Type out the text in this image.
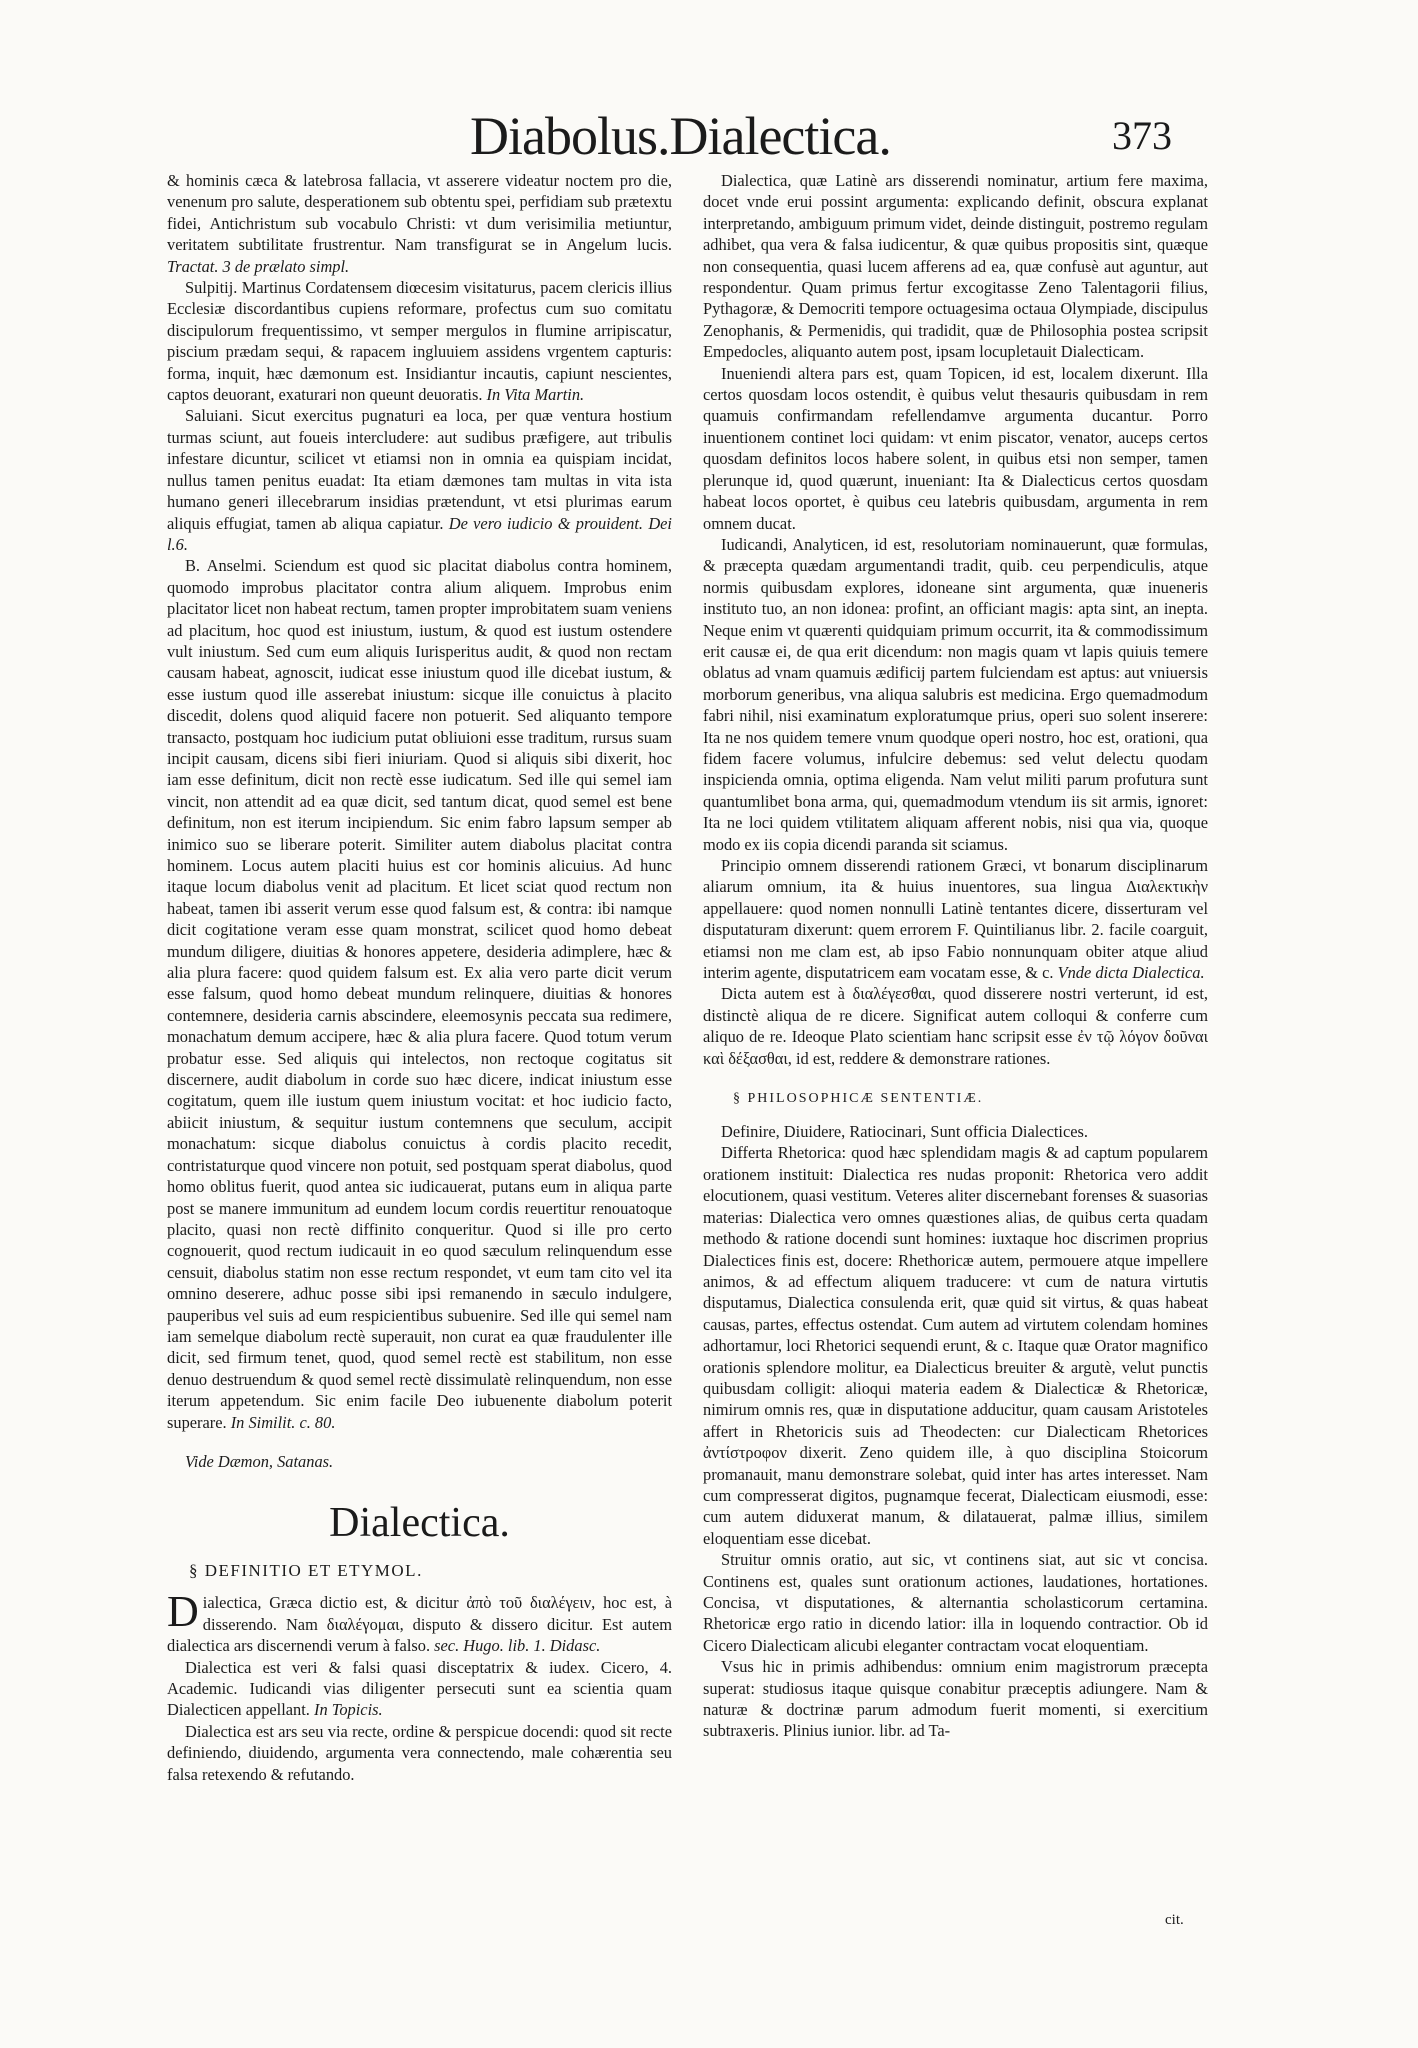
Diabolus.Dialectica.	373

& hominis cæca & latebrosa fallacia, vt asserere videatur noctem pro die, venenum pro salute, desperationem sub obtentu spei, perfidiam sub prætextu fidei, Antichristum sub vocabulo Christi: vt dum verisimilia metiuntur, veritatem subtilitate frustrentur. Nam transfigurat se in Angelum lucis. Tractat. 3 de prælato simpl.

Sulpitij. Martinus Cordatensem diœcesim visitaturus, pacem clericis illius Ecclesiæ discordantibus cupiens reformare, profectus cum suo comitatu discipulorum frequentissimo, vt semper mergulos in flumine arripiscatur, piscium prædam sequi, & rapacem ingluuiem assidens vrgentem capturis: forma, inquit, hæc dæmonum est. Insidiantur incautis, capiunt nescientes, captos deuorant, exaturari non queunt deuoratis. In Vita Martin.

Saluiani. Sicut exercitus pugnaturi ea loca, per quæ ventura hostium turmas sciunt, aut foueis intercludere: aut sudibus præfigere, aut tribulis infestare dicuntur, scilicet vt etiamsi non in omnia ea quispiam incidat, nullus tamen penitus euadat: Ita etiam dæmones tam multas in vita ista humano generi illecebrarum insidias prætendunt, vt etsi plurimas earum aliquis effugiat, tamen ab aliqua capiatur. De vero iudicio & prouident. Dei l.6.

B. Anselmi. Sciendum est quod sic placitat diabolus contra hominem, quomodo improbus placitator contra alium aliquem. Improbus enim placitator licet non habeat rectum, tamen propter improbitatem suam veniens ad placitum, hoc quod est iniustum, iustum, & quod est iustum ostendere vult iniustum. Sed cum eum aliquis Iurisperitus audit, & quod non rectam causam habeat, agnoscit, iudicat esse iniustum quod ille dicebat iustum, & esse iustum quod ille asserebat iniustum: sicque ille conuictus à placito discedit, dolens quod aliquid facere non potuerit. Sed aliquanto tempore transacto, postquam hoc iudicium putat obliuioni esse traditum, rursus suam incipit causam, dicens sibi fieri iniuriam. Quod si aliquis sibi dixerit, hoc iam esse definitum, dicit non rectè esse iudicatum. Sed ille qui semel iam vincit, non attendit ad ea quæ dicit, sed tantum dicat, quod semel est bene definitum, non est iterum incipiendum. Sic enim fabro lapsum semper ab inimico suo se liberare poterit. Similiter autem diabolus placitat contra hominem. Locus autem placiti huius est cor hominis alicuius. Ad hunc itaque locum diabolus venit ad placitum. Et licet sciat quod rectum non habeat, tamen ibi asserit verum esse quod falsum est, & contra: ibi namque dicit cogitatione veram esse quam monstrat, scilicet quod homo debeat mundum diligere, diuitias & honores appetere, desideria adimplere, hæc & alia plura facere: quod quidem falsum est. Ex alia vero parte dicit verum esse falsum, quod homo debeat mundum relinquere, diuitias & honores contemnere, desideria carnis abscindere, eleemosynis peccata sua redimere, monachatum demum accipere, hæc & alia plura facere. Quod totum verum probatur esse. Sed aliquis qui intelectos, non rectoque cogitatus sit discernere, audit diabolum in corde suo hæc dicere, indicat iniustum esse cogitatum, quem ille iustum quem iniustum vocitat: et hoc iudicio facto, abiicit iniustum, & sequitur iustum contemnens que seculum, accipit monachatum: sicque diabolus conuictus à cordis placito recedit, contristaturque quod vincere non potuit, sed postquam sperat diabolus, quod homo oblitus fuerit, quod antea sic iudicauerat, putans eum in aliqua parte post se manere immunitum ad eundem locum cordis reuertitur renouatoque placito, quasi non rectè diffinito conqueritur. Quod si ille pro certo cognouerit, quod rectum iudicauit in eo quod sæculum relinquendum esse censuit, diabolus statim non esse rectum respondet, vt eum tam cito vel ita omnino deserere, adhuc posse sibi ipsi remanendo in sæculo indulgere, pauperibus vel suis ad eum respicientibus subuenire. Sed ille qui semel nam iam semelque diabolum rectè superauit, non curat ea quæ fraudulenter ille dicit, sed firmum tenet, quod, quod semel rectè est stabilitum, non esse denuo destruendum & quod semel rectè dissimulatè relinquendum, non esse iterum appetendum. Sic enim facile Deo iubuenente diabolum poterit superare. In Similit. c. 80.

Vide Dæmon, Satanas.

Dialectica.
§ DEFINITIO ET ETYMOL.

D ialectica, Græca dictio est, & dicitur ἀπὸ τοῦ διαλέγειν, hoc est, à disserendo. Nam διαλέγομαι, disputo & dissero dicitur. Est autem dialectica ars discernendi verum à falso. sec. Hugo. lib. 1. Didasc.

Dialectica est veri & falsi quasi disceptatrix & iudex. Cicero, 4. Academic. Iudicandi vias diligenter persecuti sunt ea scientia quam Dialecticen appellant. In Topicis.

Dialectica est ars seu via recte, ordine & perspicue docendi: quod sit recte definiendo, diuidendo, argumenta vera connectendo, male cohærentia seu falsa retexendo & refutando.

Dialectica, quæ Latinè ars disserendi nominatur, artium fere maxima, docet vnde erui possint argumenta: explicando definit, obscura explanat interpretando, ambiguum primum videt, deinde distinguit, postremo regulam adhibet, qua vera & falsa iudicentur, & quæ quibus propositis sint, quæque non consequentia, quasi lucem afferens ad ea, quæ confusè aut aguntur, aut respondentur. Quam primus fertur excogitasse Zeno Talentagorii filius, Pythagoræ, & Democriti tempore octuagesima octaua Olympiade, discipulus Zenophanis, & Permenidis, qui tradidit, quæ de Philosophia postea scripsit Empedocles, aliquanto autem post, ipsam locupletauit Dialecticam.

Inueniendi altera pars est, quam Topicen, id est, localem dixerunt. Illa certos quosdam locos ostendit, è quibus velut thesauris quibusdam in rem quamuis confirmandam refellendamve argumenta ducantur. Porro inuentionem continet loci quidam: vt enim piscator, venator, auceps certos quosdam definitos locos habere solent, in quibus etsi non semper, tamen plerunque id, quod quærunt, inueniant: Ita & Dialecticus certos quosdam habeat locos oportet, è quibus ceu latebris quibusdam, argumenta in rem omnem ducat.

Iudicandi, Analyticen, id est, resolutoriam nominauerunt, quæ formulas, & præcepta quædam argumentandi tradit, quib. ceu perpendiculis, atque normis quibusdam explores, idoneane sint argumenta, quæ inueneris instituto tuo, an non idonea: profint, an officiant magis: apta sint, an inepta. Neque enim vt quærenti quidquiam primum occurrit, ita & commodissimum erit causæ ei, de qua erit dicendum: non magis quam vt lapis quiuis temere oblatus ad vnam quamuis ædificij partem fulciendam est aptus: aut vniuersis morborum generibus, vna aliqua salubris est medicina. Ergo quemadmodum fabri nihil, nisi examinatum exploratumque prius, operi suo solent inserere: Ita ne nos quidem temere vnum quodque operi nostro, hoc est, orationi, qua fidem facere volumus, infulcire debemus: sed velut delectu quodam inspicienda omnia, optima eligenda. Nam velut militi parum profutura sunt quantumlibet bona arma, qui, quemadmodum vtendum iis sit armis, ignoret: Ita ne loci quidem vtilitatem aliquam afferent nobis, nisi qua via, quoque modo ex iis copia dicendi paranda sit sciamus.

Principio omnem disserendi rationem Græci, vt bonarum disciplinarum aliarum omnium, ita & huius inuentores, sua lingua Διαλεκτικὴν appellauere: quod nomen nonnulli Latinè tentantes dicere, disserturam vel disputaturam dixerunt: quem errorem F. Quintilianus libr. 2. facile coarguit, etiamsi non me clam est, ab ipso Fabio nonnunquam obiter atque aliud interim agente, disputatricem eam vocatam esse, & c. Vnde dicta Dialectica.

Dicta autem est à διαλέγεσθαι, quod disserere nostri verterunt, id est, distinctè aliqua de re dicere. Significat autem colloqui & conferre cum aliquo de re. Ideoque Plato scientiam hanc scripsit esse ἐν τῷ λόγον δοῦναι καὶ δέξασθαι, id est, reddere & demonstrare rationes.

§ PHILOSOPHICÆ SENTENTIÆ.

Definire, Diuidere, Ratiocinari, Sunt officia Dialectices.

Differta Rhetorica: quod hæc splendidam magis & ad captum popularem orationem instituit: Dialectica res nudas proponit: Rhetorica vero addit elocutionem, quasi vestitum. Veteres aliter discernebant forenses & suasorias materias: Dialectica vero omnes quæstiones alias, de quibus certa quadam methodo & ratione docendi sunt homines: iuxtaque hoc discrimen proprius Dialectices finis est, docere: Rhethoricæ autem, permouere atque impellere animos, & ad effectum aliquem traducere: vt cum de natura virtutis disputamus, Dialectica consulenda erit, quæ quid sit virtus, & quas habeat causas, partes, effectus ostendat. Cum autem ad virtutem colendam homines adhortamur, loci Rhetorici sequendi erunt, & c. Itaque quæ Orator magnifico orationis splendore molitur, ea Dialecticus breuiter & argutè, velut punctis quibusdam colligit: alioqui materia eadem & Dialecticæ & Rhetoricæ, nimirum omnis res, quæ in disputatione adducitur, quam causam Aristoteles affert in Rhetoricis suis ad Theodecten: cur Dialecticam Rhetorices ἀντίστροφον dixerit. Zeno quidem ille, à quo disciplina Stoicorum promanauit, manu demonstrare solebat, quid inter has artes interesset. Nam cum compresserat digitos, pugnamque fecerat, Dialecticam eiusmodi, esse: cum autem diduxerat manum, & dilatauerat, palmæ illius, similem eloquentiam esse dicebat.

Struitur omnis oratio, aut sic, vt continens siat, aut sic vt concisa. Continens est, quales sunt orationum actiones, laudationes, hortationes. Concisa, vt disputationes, & alternantia scholasticorum certamina. Rhetoricæ ergo ratio in dicendo latior: illa in loquendo contractior. Ob id Cicero Dialecticam alicubi eleganter contractam vocat eloquentiam.

Vsus hic in primis adhibendus: omnium enim magistrorum præcepta superat: studiosus itaque quisque conabitur præceptis adiungere. Nam & naturæ & doctrinæ parum admodum fuerit momenti, si exercitium subtraxeris. Plinius iunior. libr. ad Ta-

cit.
